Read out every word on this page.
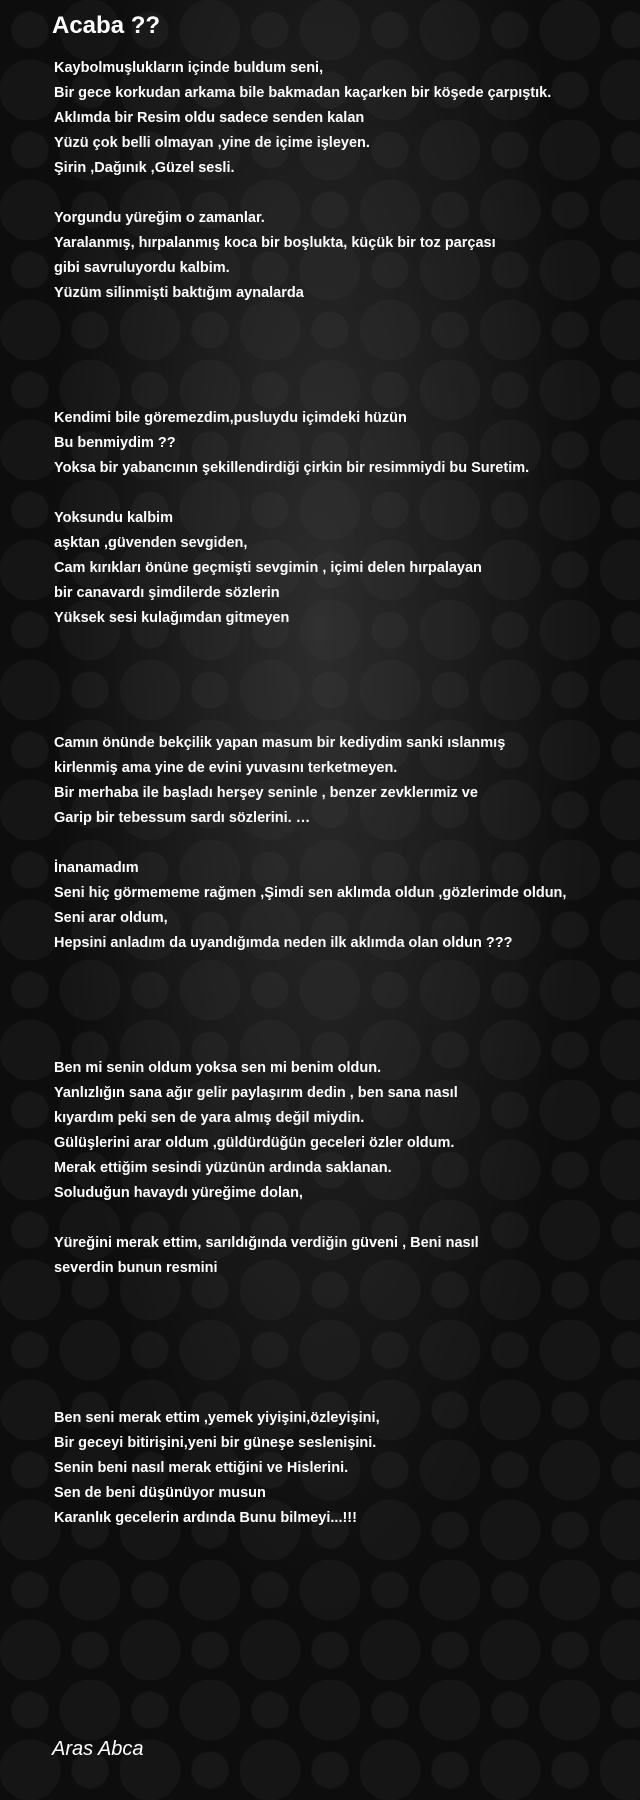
Acaba ??
Kaybolmuşlukların içinde buldum seni,
Bir gece korkudan arkama bile bakmadan kaçarken bir köşede çarpıştık.
Aklımda bir Resim oldu sadece senden kalan
Yüzü çok belli olmayan ,yine de içime işleyen.
Şirin ,Dağınık ,Güzel sesli.
Yorgundu yüreğim o zamanlar.
Yaralanmış, hırpalanmış koca bir boşlukta, küçük bir toz parçası
gibi savruluyordu kalbim.
Yüzüm silinmişti baktığım aynalarda
Kendimi bile göremezdim,pusluydu içimdeki hüzün
Bu benmiydim ??
Yoksa bir yabancının şekillendirdiği çirkin bir resimmiydi bu Suretim.
Yoksundu kalbim
aşktan ,güvenden sevgiden,
Cam kırıkları önüne geçmişti sevgimin , içimi delen hırpalayan
bir canavardı şimdilerde sözlerin
Yüksek sesi kulağımdan gitmeyen
Camın önünde bekçilik yapan masum bir kediydim sanki ıslanmış
kirlenmiş ama yine de evini yuvasını terketmeyen.
Bir merhaba ile başladı herşey seninle , benzer zevklerımiz ve
Garip bir tebessum sardı sözlerini. …
İnanamadım
Seni hiç görmememe rağmen ,Şimdi sen aklımda oldun ,gözlerimde oldun,
Seni arar oldum,
Hepsini anladım da uyandığımda neden ilk aklımda olan oldun ???
Ben mi senin oldum yoksa sen mi benim oldun.
Yanlızlığın sana ağır gelir paylaşırım dedin , ben sana nasıl
kıyardım peki sen de yara almış değil miydin.
Gülüşlerini arar oldum ,güldürdüğün geceleri özler oldum.
Merak ettiğim sesindi yüzünün ardında saklanan.
Soluduğun havaydı yüreğime dolan,
Yüreğini merak ettim, sarıldığında verdiğin güveni , Beni nasıl
severdin bunun resmini
Ben seni merak ettim ,yemek yiyişini,özleyişini,
Bir geceyi bitirişini,yeni bir güneşe seslenişini.
Senin beni nasıl merak ettiğini ve Hislerini.
Sen de beni düşünüyor musun
Karanlık gecelerin ardında Bunu bilmeyi...!!!
Aras Abca
